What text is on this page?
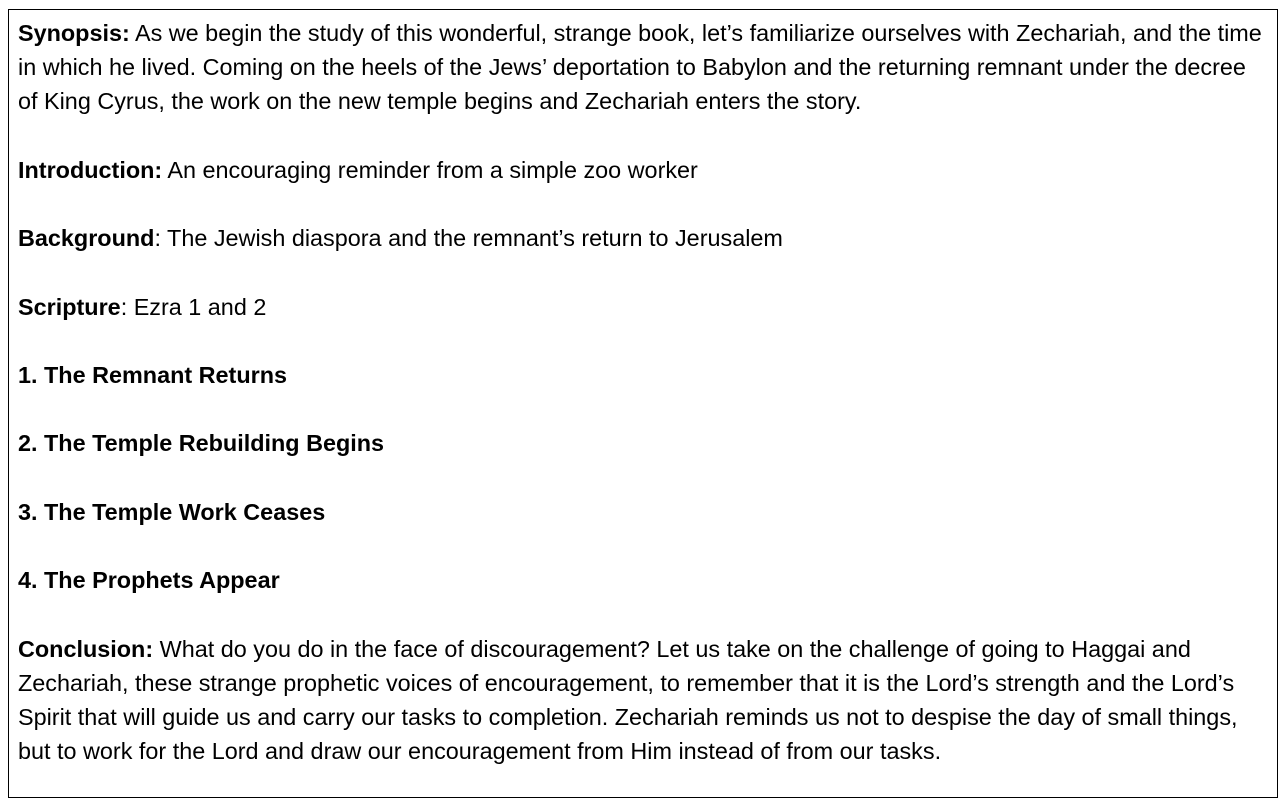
Synopsis: As we begin the study of this wonderful, strange book, let’s familiarize ourselves with Zechariah, and the time in which he lived. Coming on the heels of the Jews’ deportation to Babylon and the returning remnant under the decree of King Cyrus, the work on the new temple begins and Zechariah enters the story.

Introduction: An encouraging reminder from a simple zoo worker

Background: The Jewish diaspora and the remnant’s return to Jerusalem

Scripture: Ezra 1 and 2

1. The Remnant Returns

2. The Temple Rebuilding Begins

3. The Temple Work Ceases

4. The Prophets Appear

Conclusion: What do you do in the face of discouragement? Let us take on the challenge of going to Haggai and Zechariah, these strange prophetic voices of encouragement, to remember that it is the Lord’s strength and the Lord’s Spirit that will guide us and carry our tasks to completion. Zechariah reminds us not to despise the day of small things, but to work for the Lord and draw our encouragement from Him instead of from our tasks.
